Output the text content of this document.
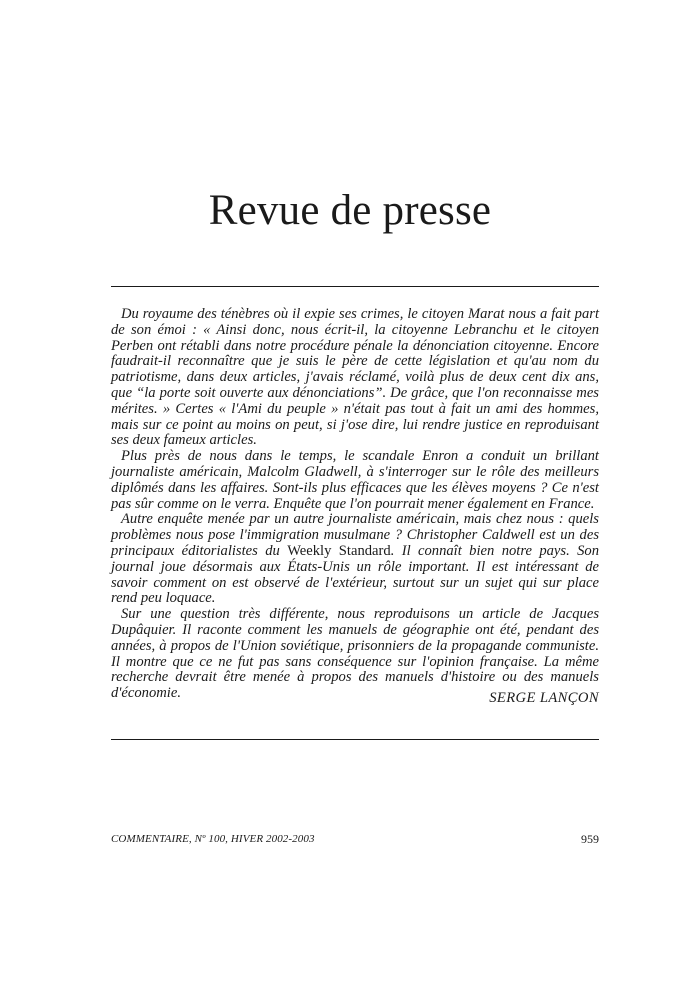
Revue de presse

Du royaume des ténèbres où il expie ses crimes, le citoyen Marat nous a fait part de son émoi : « Ainsi donc, nous écrit-il, la citoyenne Lebranchu et le citoyen Perben ont rétabli dans notre procédure pénale la dénonciation citoyenne. Encore faudrait-il reconnaître que je suis le père de cette législation et qu'au nom du patriotisme, dans deux articles, j'avais réclamé, voilà plus de deux cent dix ans, que “la porte soit ouverte aux dénonciations”. De grâce, que l'on reconnaisse mes mérites. » Certes « l'Ami du peuple » n'était pas tout à fait un ami des hommes, mais sur ce point au moins on peut, si j'ose dire, lui rendre justice en reproduisant ses deux fameux articles.

Plus près de nous dans le temps, le scandale Enron a conduit un brillant journaliste américain, Malcolm Gladwell, à s'interroger sur le rôle des meilleurs diplômés dans les affaires. Sont-ils plus efficaces que les élèves moyens ? Ce n'est pas sûr comme on le verra. Enquête que l'on pourrait mener également en France.

Autre enquête menée par un autre journaliste américain, mais chez nous : quels problèmes nous pose l'immigration musulmane ? Christopher Caldwell est un des principaux éditorialistes du Weekly Standard. Il connaît bien notre pays. Son journal joue désormais aux États-Unis un rôle important. Il est intéressant de savoir comment on est observé de l'extérieur, surtout sur un sujet qui sur place rend peu loquace.

Sur une question très différente, nous reproduisons un article de Jacques Dupâquier. Il raconte comment les manuels de géographie ont été, pendant des années, à propos de l'Union soviétique, prisonniers de la propagande communiste. Il montre que ce ne fut pas sans conséquence sur l'opinion française. La même recherche devrait être menée à propos des manuels d'histoire ou des manuels d'économie.	SERGE LANÇON
COMMENTAIRE, Nº 100, HIVER 2002-2003	959
